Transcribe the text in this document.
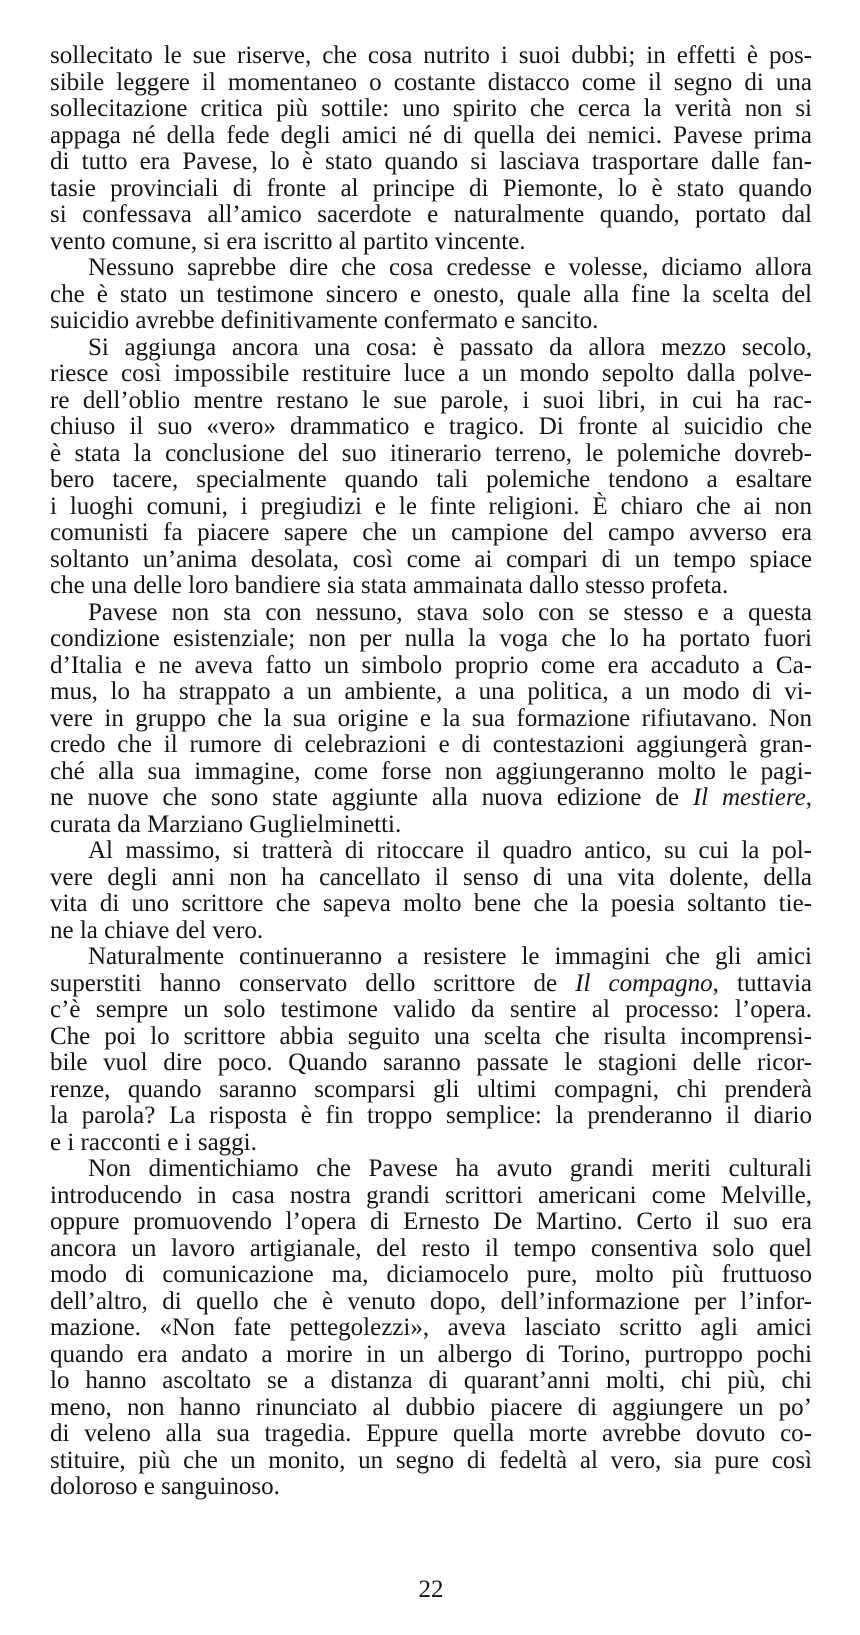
sollecitato le sue riserve, che cosa nutrito i suoi dubbi; in effetti è pos-
sibile leggere il momentaneo o costante distacco come il segno di una
sollecitazione critica più sottile: uno spirito che cerca la verità non si
appaga né della fede degli amici né di quella dei nemici. Pavese prima
di tutto era Pavese, lo è stato quando si lasciava trasportare dalle fan-
tasie provinciali di fronte al principe di Piemonte, lo è stato quando
si confessava all’amico sacerdote e naturalmente quando, portato dal
vento comune, si era iscritto al partito vincente.
Nessuno saprebbe dire che cosa credesse e volesse, diciamo allora
che è stato un testimone sincero e onesto, quale alla fine la scelta del
suicidio avrebbe definitivamente confermato e sancito.
Si aggiunga ancora una cosa: è passato da allora mezzo secolo,
riesce così impossibile restituire luce a un mondo sepolto dalla polve-
re dell’oblio mentre restano le sue parole, i suoi libri, in cui ha rac-
chiuso il suo «vero» drammatico e tragico. Di fronte al suicidio che
è stata la conclusione del suo itinerario terreno, le polemiche dovreb-
bero tacere, specialmente quando tali polemiche tendono a esaltare
i luoghi comuni, i pregiudizi e le finte religioni. È chiaro che ai non
comunisti fa piacere sapere che un campione del campo avverso era
soltanto un’anima desolata, così come ai compari di un tempo spiace
che una delle loro bandiere sia stata ammainata dallo stesso profeta.
Pavese non sta con nessuno, stava solo con se stesso e a questa
condizione esistenziale; non per nulla la voga che lo ha portato fuori
d’Italia e ne aveva fatto un simbolo proprio come era accaduto a Ca-
mus, lo ha strappato a un ambiente, a una politica, a un modo di vi-
vere in gruppo che la sua origine e la sua formazione rifiutavano. Non
credo che il rumore di celebrazioni e di contestazioni aggiungerà gran-
ché alla sua immagine, come forse non aggiungeranno molto le pagi-
ne nuove che sono state aggiunte alla nuova edizione de Il mestiere,
curata da Marziano Guglielminetti.
Al massimo, si tratterà di ritoccare il quadro antico, su cui la pol-
vere degli anni non ha cancellato il senso di una vita dolente, della
vita di uno scrittore che sapeva molto bene che la poesia soltanto tie-
ne la chiave del vero.
Naturalmente continueranno a resistere le immagini che gli amici
superstiti hanno conservato dello scrittore de Il compagno, tuttavia
c’è sempre un solo testimone valido da sentire al processo: l’opera.
Che poi lo scrittore abbia seguito una scelta che risulta incomprensi-
bile vuol dire poco. Quando saranno passate le stagioni delle ricor-
renze, quando saranno scomparsi gli ultimi compagni, chi prenderà
la parola? La risposta è fin troppo semplice: la prenderanno il diario
e i racconti e i saggi.
Non dimentichiamo che Pavese ha avuto grandi meriti culturali
introducendo in casa nostra grandi scrittori americani come Melville,
oppure promuovendo l’opera di Ernesto De Martino. Certo il suo era
ancora un lavoro artigianale, del resto il tempo consentiva solo quel
modo di comunicazione ma, diciamocelo pure, molto più fruttuoso
dell’altro, di quello che è venuto dopo, dell’informazione per l’infor-
mazione. «Non fate pettegolezzi», aveva lasciato scritto agli amici
quando era andato a morire in un albergo di Torino, purtroppo pochi
lo hanno ascoltato se a distanza di quarant’anni molti, chi più, chi
meno, non hanno rinunciato al dubbio piacere di aggiungere un po’
di veleno alla sua tragedia. Eppure quella morte avrebbe dovuto co-
stituire, più che un monito, un segno di fedeltà al vero, sia pure così
doloroso e sanguinoso.
22
